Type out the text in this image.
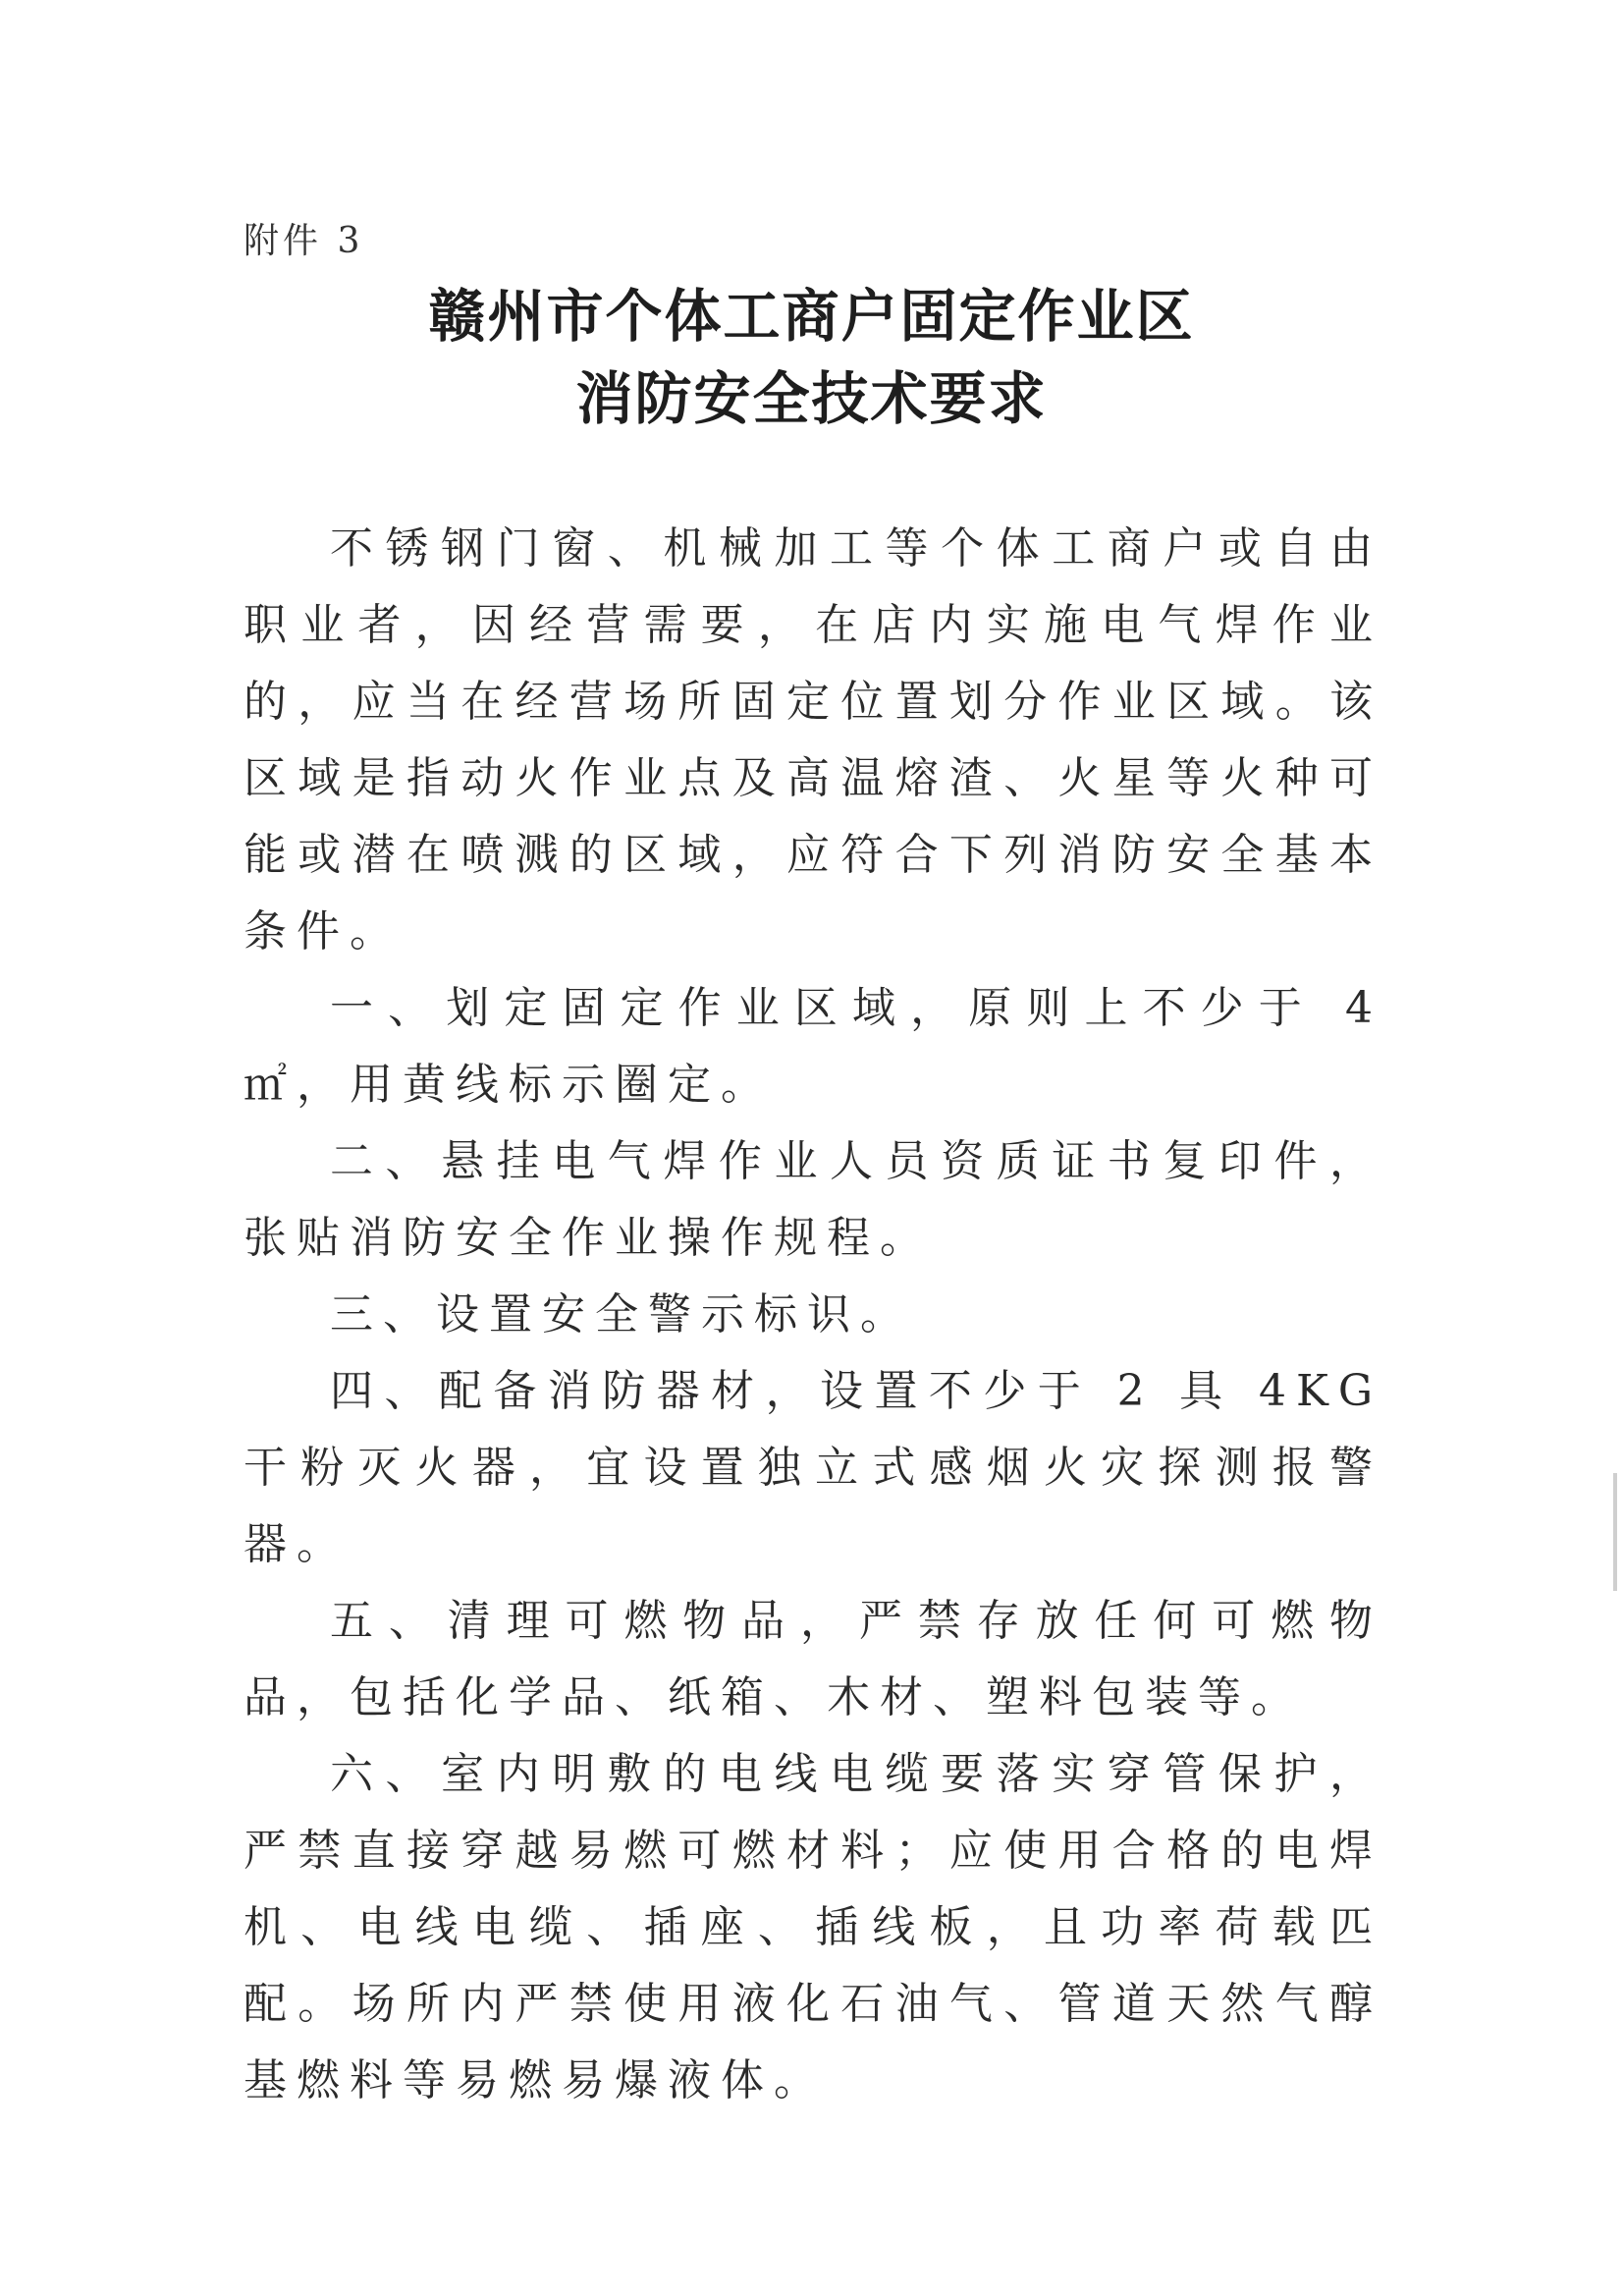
附件 3
赣州市个体工商户固定作业区
消防安全技术要求

不锈钢门窗、机械加工等个体工商户或自由职业者，因经营需要，在店内实施电气焊作业的，应当在经营场所固定位置划分作业区域。该区域是指动火作业点及高温熔渣、火星等火种可能或潜在喷溅的区域，应符合下列消防安全基本条件。

一、划定固定作业区域，原则上不少于 4 ㎡，用黄线标示圈定。

二、悬挂电气焊作业人员资质证书复印件，张贴消防安全作业操作规程。

三、设置安全警示标识。

四、配备消防器材，设置不少于 2 具 4KG 干粉灭火器，宜设置独立式感烟火灾探测报警器。

五、清理可燃物品，严禁存放任何可燃物品，包括化学品、纸箱、木材、塑料包装等。

六、室内明敷的电线电缆要落实穿管保护，严禁直接穿越易燃可燃材料；应使用合格的电焊机、电线电缆、插座、插线板，且功率荷载匹配。场所内严禁使用液化石油气、管道天然气醇基燃料等易燃易爆液体。
